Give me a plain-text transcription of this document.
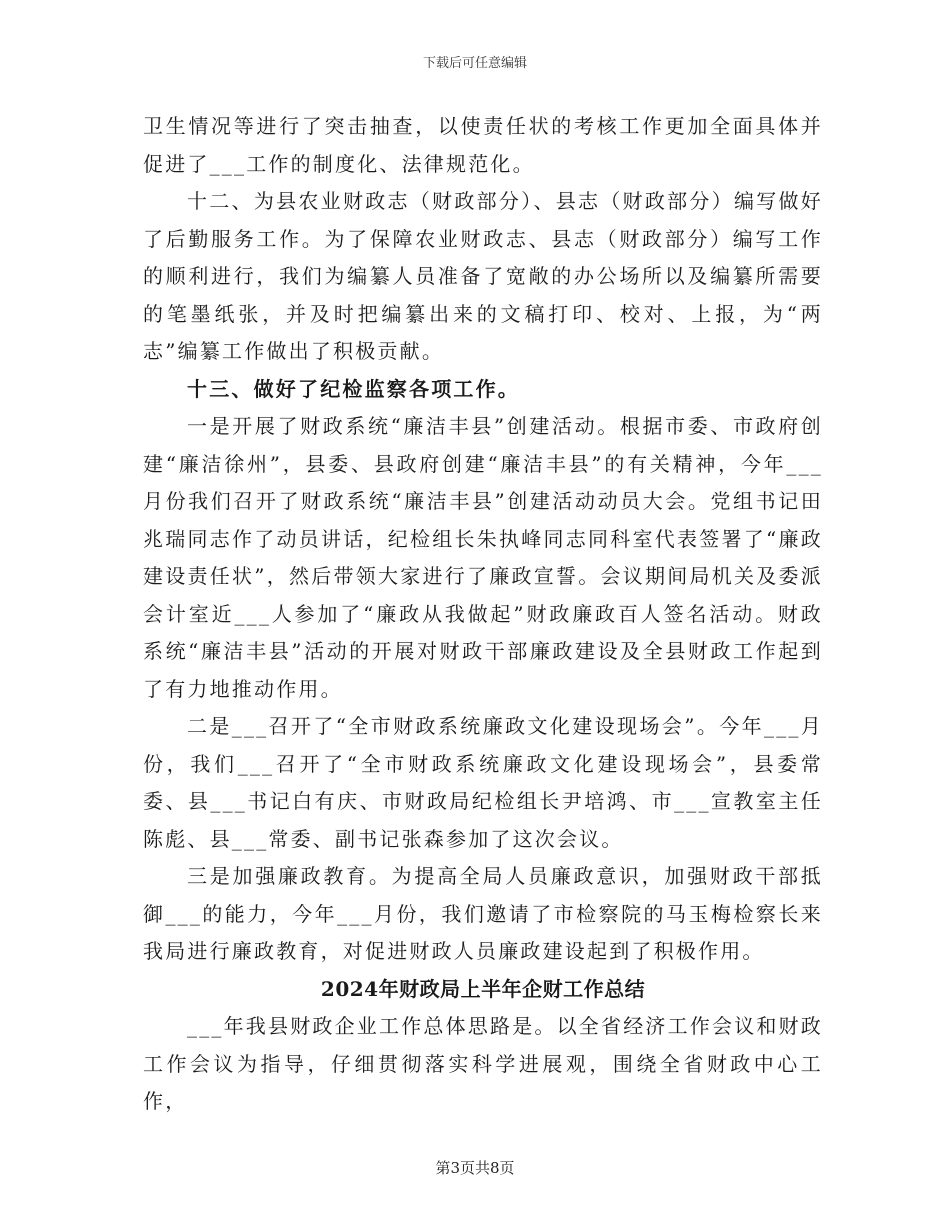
下载后可任意编辑

卫生情况等进行了突击抽查，以使责任状的考核工作更加全面具体并促进了___工作的制度化、法律规范化。

十二、为县农业财政志（财政部分）、县志（财政部分）编写做好了后勤服务工作。为了保障农业财政志、县志（财政部分）编写工作的顺利进行，我们为编纂人员准备了宽敞的办公场所以及编纂所需要的笔墨纸张，并及时把编纂出来的文稿打印、校对、上报，为“两志”编纂工作做出了积极贡献。

十三、做好了纪检监察各项工作。

一是开展了财政系统“廉洁丰县”创建活动。根据市委、市政府创建“廉洁徐州”，县委、县政府创建“廉洁丰县”的有关精神，今年___月份我们召开了财政系统“廉洁丰县”创建活动动员大会。党组书记田兆瑞同志作了动员讲话，纪检组长朱执峰同志同科室代表签署了“廉政建设责任状”，然后带领大家进行了廉政宣誓。会议期间局机关及委派会计室近___人参加了“廉政从我做起”财政廉政百人签名活动。财政系统“廉洁丰县”活动的开展对财政干部廉政建设及全县财政工作起到了有力地推动作用。

二是___召开了“全市财政系统廉政文化建设现场会”。今年___月份，我们___召开了“全市财政系统廉政文化建设现场会”，县委常委、县___书记白有庆、市财政局纪检组长尹培鸿、市___宣教室主任陈彪、县___常委、副书记张森参加了这次会议。

三是加强廉政教育。为提高全局人员廉政意识，加强财政干部抵御___的能力，今年___月份，我们邀请了市检察院的马玉梅检察长来我局进行廉政教育，对促进财政人员廉政建设起到了积极作用。

2024年财政局上半年企财工作总结

___年我县财政企业工作总体思路是。以全省经济工作会议和财政工作会议为指导，仔细贯彻落实科学进展观，围绕全省财政中心工作，

第3页共8页
